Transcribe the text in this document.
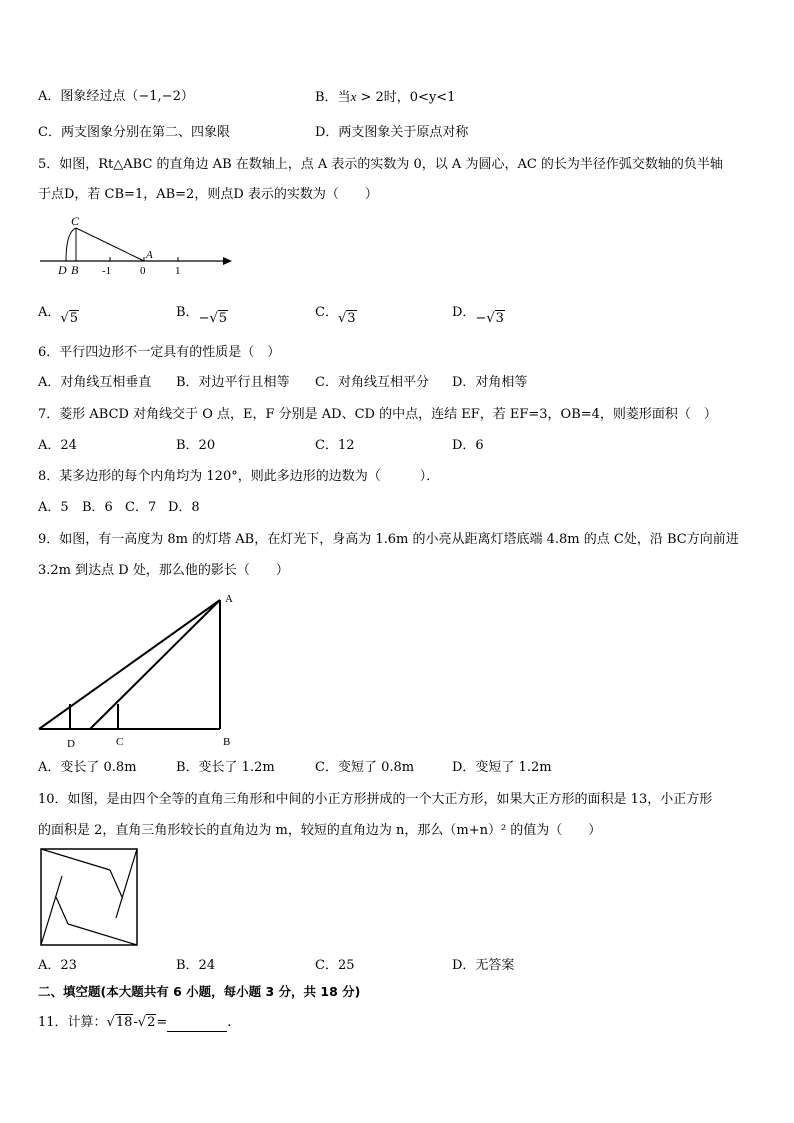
A．图象经过点（−1,−2）	B．当x > 2时，0<y<1
C．两支图象分别在第二、四象限	D．两支图象关于原点对称
5．如图，Rt△ABC 的直角边 AB 在数轴上，点 A 表示的实数为 0，以 A 为圆心，AC 的长为半径作弧交数轴的负半轴
于点D，若 CB=1，AB=2，则点D 表示的实数为（　　）
C
A
D B -1	0	1
A．√5	B．−√5	C．√3	D．−√3
6．平行四边形不一定具有的性质是（　）
A．对角线互相垂直 B．对边平行且相等 C．对角线互相平分 D．对角相等
7．菱形 ABCD 对角线交于 O 点，E，F 分别是 AD、CD 的中点，连结 EF，若 EF=3，OB=4，则菱形面积（　）
A．24	B．20	C．12	D．6
8．某多边形的每个内角均为 120°，则此多边形的边数为（　　　）．
A．5 B．6 C．7 D．8
9．如图，有一高度为 8m 的灯塔 AB，在灯光下，身高为 1.6m 的小亮从距离灯塔底端 4.8m 的点 C处，沿 BC方向前进
3.2m 到达点 D 处，那么他的影长（　　）
A
B
C
D
A．变长了 0.8m	B．变长了 1.2m	C．变短了 0.8m	D．变短了 1.2m
10．如图，是由四个全等的直角三角形和中间的小正方形拼成的一个大正方形，如果大正方形的面积是 13，小正方形
的面积是 2，直角三角形较长的直角边为 m，较短的直角边为 n，那么（m+n）² 的值为（　　）
A．23	B．24	C．25	D．无答案
二、填空题(本大题共有 6 小题，每小题 3 分，共 18 分)
11．计算：√18-√2=	.
